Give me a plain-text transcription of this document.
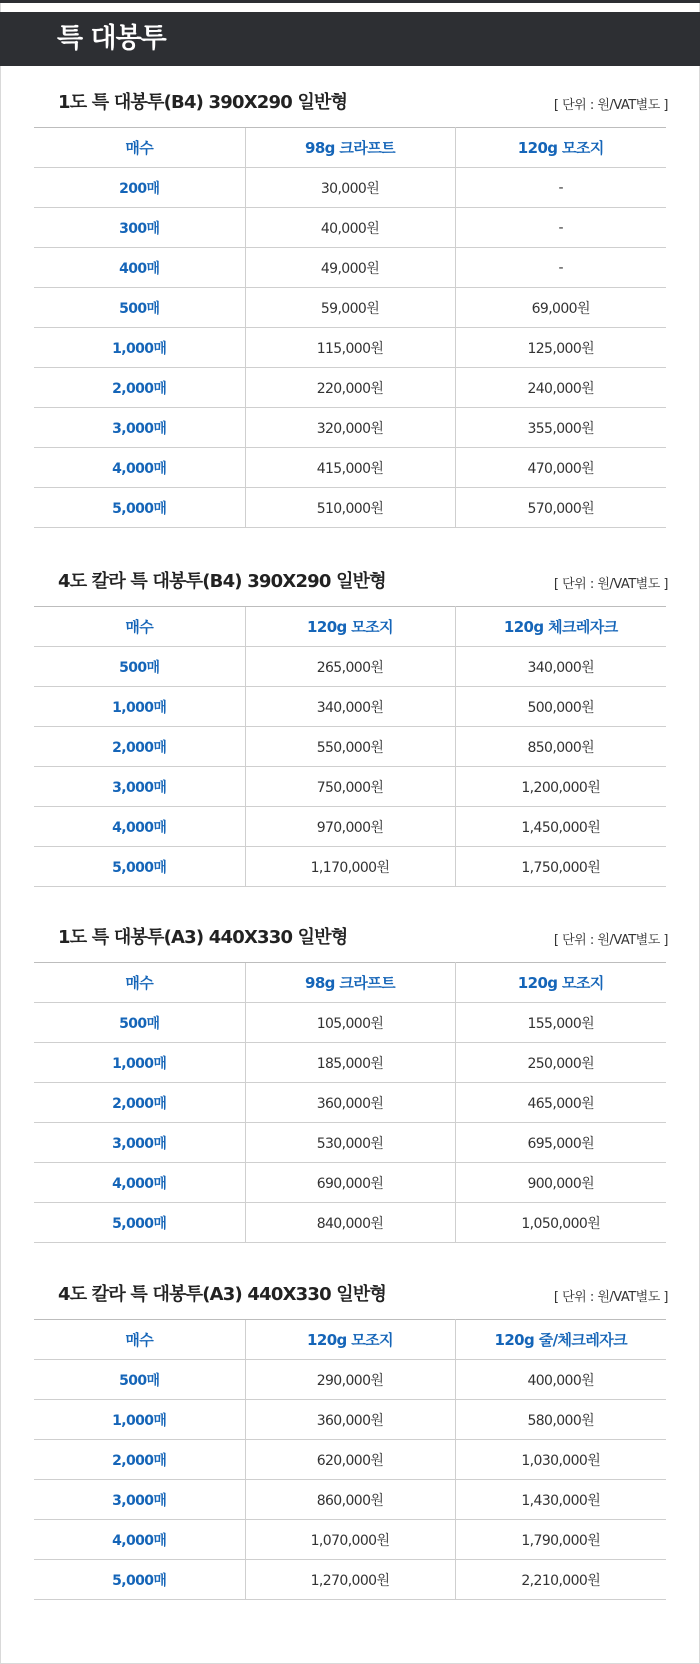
특 대봉투
1도 특 대봉투(B4) 390X290 일반형	[ 단위 : 원/VAT별도 ]
매수	98g 크라프트	120g 모조지
200매	30,000원	-
300매	40,000원	-
400매	49,000원	-
500매	59,000원	69,000원
1,000매	115,000원	125,000원
2,000매	220,000원	240,000원
3,000매	320,000원	355,000원
4,000매	415,000원	470,000원
5,000매	510,000원	570,000원
4도 칼라 특 대봉투(B4) 390X290 일반형	[ 단위 : 원/VAT별도 ]
매수	120g 모조지	120g 체크레자크
500매	265,000원	340,000원
1,000매	340,000원	500,000원
2,000매	550,000원	850,000원
3,000매	750,000원	1,200,000원
4,000매	970,000원	1,450,000원
5,000매	1,170,000원	1,750,000원
1도 특 대봉투(A3) 440X330 일반형	[ 단위 : 원/VAT별도 ]
매수	98g 크라프트	120g 모조지
500매	105,000원	155,000원
1,000매	185,000원	250,000원
2,000매	360,000원	465,000원
3,000매	530,000원	695,000원
4,000매	690,000원	900,000원
5,000매	840,000원	1,050,000원
4도 칼라 특 대봉투(A3) 440X330 일반형	[ 단위 : 원/VAT별도 ]
매수	120g 모조지	120g 줄/체크레자크
500매	290,000원	400,000원
1,000매	360,000원	580,000원
2,000매	620,000원	1,030,000원
3,000매	860,000원	1,430,000원
4,000매	1,070,000원	1,790,000원
5,000매	1,270,000원	2,210,000원
